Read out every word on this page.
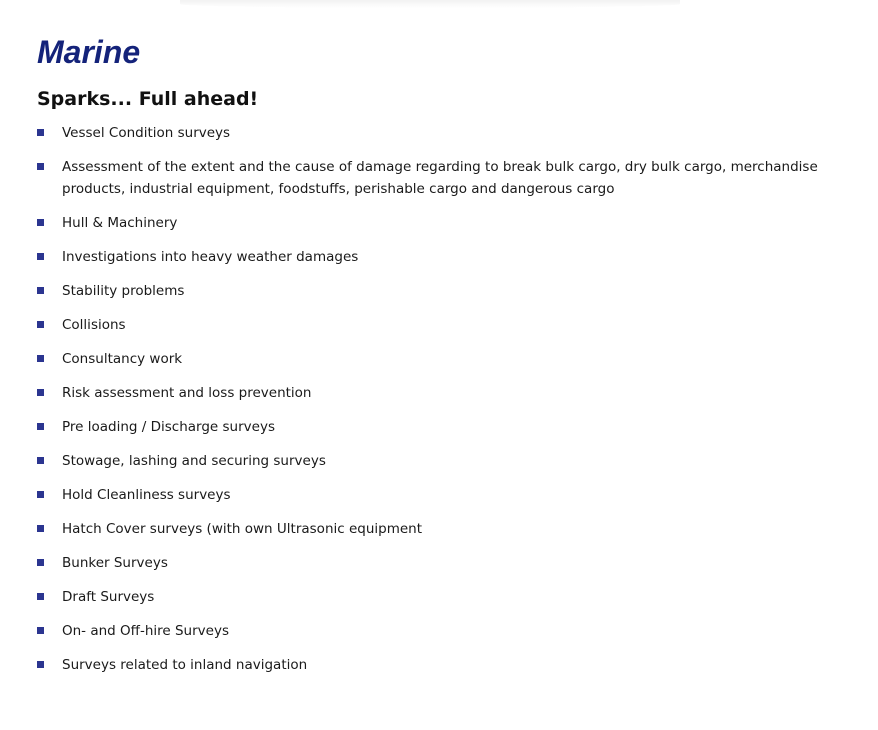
Marine
Sparks... Full ahead!
Vessel Condition surveys
Assessment of the extent and the cause of damage regarding to break bulk cargo, dry bulk cargo, merchandise products, industrial equipment, foodstuffs, perishable cargo and dangerous cargo
Hull & Machinery
Investigations into heavy weather damages
Stability problems
Collisions
Consultancy work
Risk assessment and loss prevention
Pre loading / Discharge surveys
Stowage, lashing and securing surveys
Hold Cleanliness surveys
Hatch Cover surveys (with own Ultrasonic equipment
Bunker Surveys
Draft Surveys
On- and Off-hire Surveys
Surveys related to inland navigation
